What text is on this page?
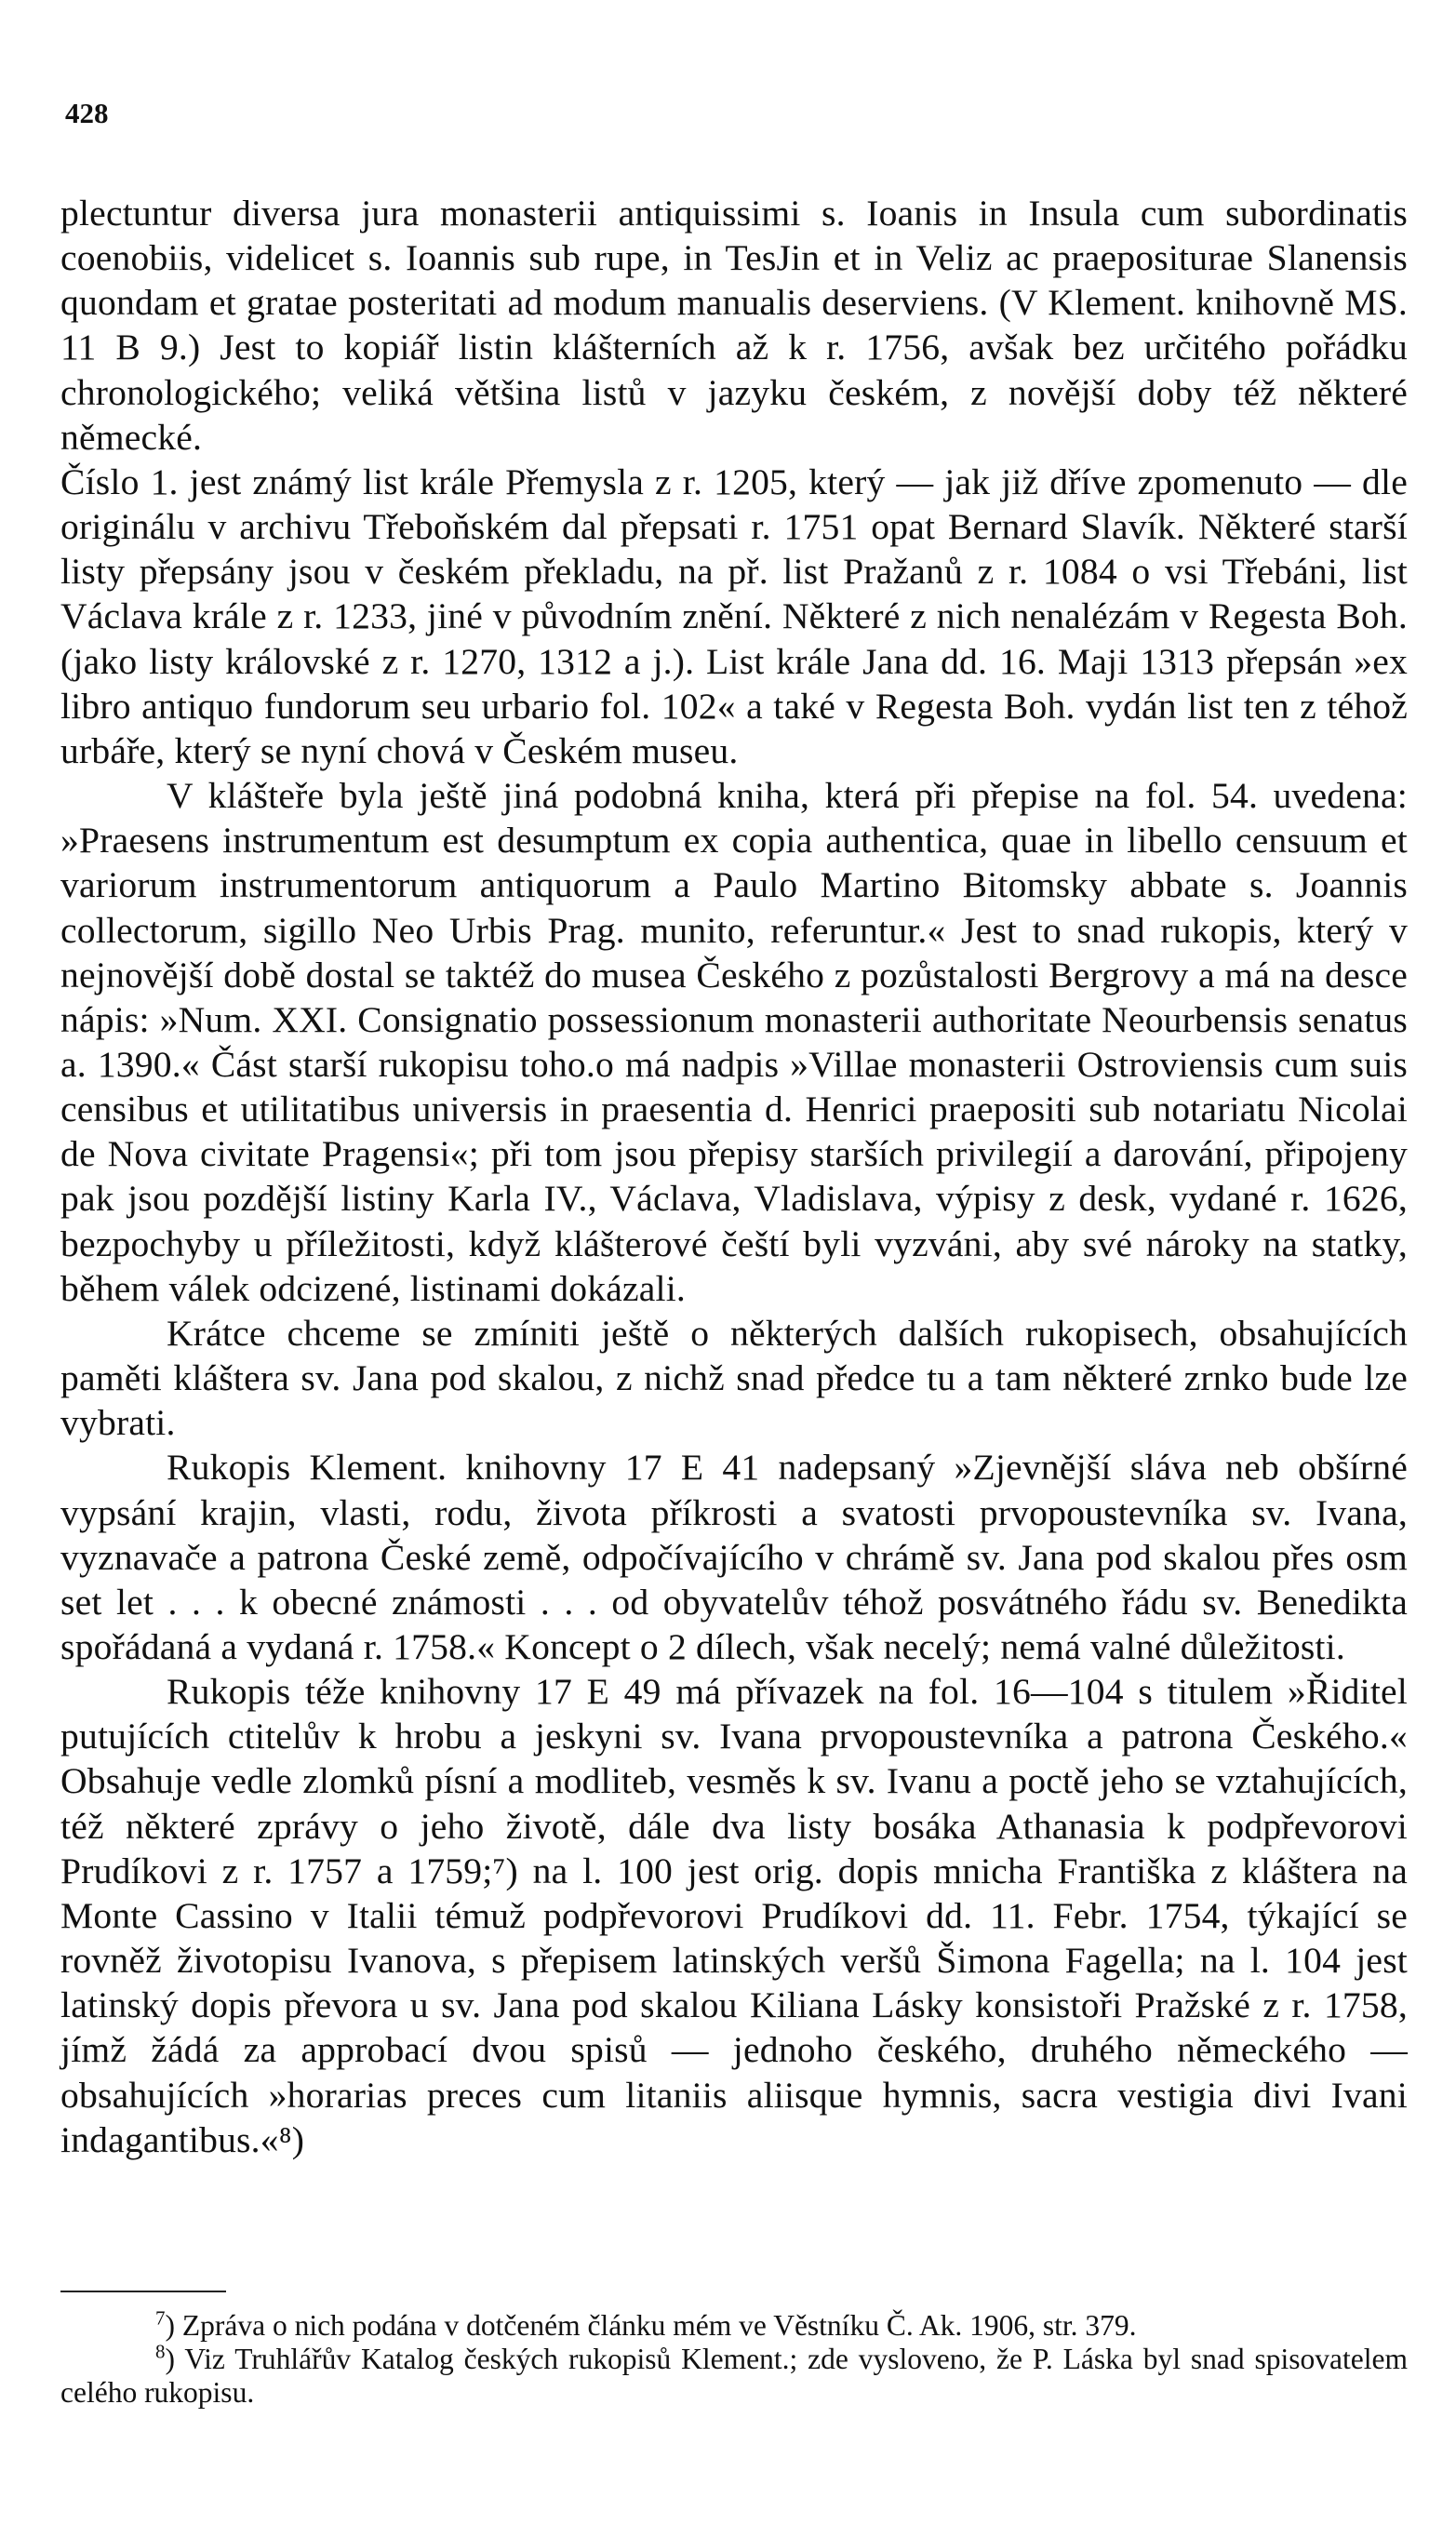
428

plectuntur diversa jura monasterii antiquissimi s. Ioanis in Insula cum subordinatis coenobiis, videlicet s. Ioannis sub rupe, in TesJin et in Veliz ac praeposituraе Slanensis quondam et gratae posteritati ad modum manualis deserviens. (V Klement. knihovně MS. 11 B 9.) Jest to kopiář listin klášterních až k r. 1756, avšak bez určitého pořádku chronologického; veliká většina listů v jazyku českém, z novější doby též některé německé.

Číslo 1. jest známý list krále Přemysla z r. 1205, který — jak již dříve zpomenuto — dle originálu v archivu Třeboňském dal přepsati r. 1751 opat Bernard Slavík. Některé starší listy přepsány jsou v českém překladu, na př. list Pražanů z r. 1084 o vsi Třebáni, list Václava krále z r. 1233, jiné v původním znění. Některé z nich nenalézám v Regesta Boh. (jako listy královské z r. 1270, 1312 a j.). List krále Jana dd. 16. Maji 1313 přepsán »ex libro antiquo fundorum seu urbario fol. 102« a také v Regesta Boh. vydán list ten z téhož urbáře, který se nyní chová v Českém museu.

V klášteře byla ještě jiná podobná kniha, která při přepise na fol. 54. uvedena: »Praesens instrumentum est desumptum ex copia authentica, quae in libello censuum et variorum instrumentorum antiquorum a Paulo Martino Bitomsky abbate s. Joannis collectorum, sigillo Neo Urbis Prag. munito, referuntur.« Jest to snad rukopis, který v nejnovější době dostal se taktéž do musea Českého z pozůstalosti Bergrovy a má na desce nápis: »Num. XXI. Consignatio possessionum monasterii authoritate Neourbensis senatus a. 1390.« Část starší rukopisu toho.o má nadpis »Villae monasterii Ostroviensis cum suis censibus et utilitatibus universis in praesentia d. Henrici praepositi sub notariatu Nicolai de Nova civitate Pragensi«; při tom jsou přepisy starších privilegií a darování, připojeny pak jsou pozdější listiny Karla IV., Václava, Vladislava, výpisy z desk, vydané r. 1626, bezpochyby u příležitosti, když klášterové čeští byli vyzváni, aby své nároky na statky, během válek odcizené, listinami dokázali.

Krátce chceme se zmíniti ještě o některých dalších rukopisech, obsahujících paměti kláštera sv. Jana pod skalou, z nichž snad předce tu a tam některé zrnko bude lze vybrati.

Rukopis Klement. knihovny 17 E 41 nadepsaný »Zjevnější sláva neb obšírné vypsání krajin, vlasti, rodu, života příkrosti a svatosti prvopoustevníka sv. Ivana, vyznavače a patrona České země, odpočívajícího v chrámě sv. Jana pod skalou přes osm set let . . . k obecné známosti . . . od obyvatelův téhož posvátného řádu sv. Benedikta spořádaná a vydaná r. 1758.« Koncept o 2 dílech, však necelý; nemá valné důležitosti.

Rukopis téže knihovny 17 E 49 má přívazek na fol. 16—104 s titulem »Řiditel putujících ctitelův k hrobu a jeskyni sv. Ivana prvopoustevníka a patrona Českého.« Obsahuje vedle zlomků písní a modliteb, vesměs k sv. Ivanu a poctě jeho se vztahujících, též některé zprávy o jeho životě, dále dva listy bosáka Athanasia k podpřevorovi Prudíkovi z r. 1757 a 1759;⁷) na l. 100 jest orig. dopis mnicha Františka z kláštera na Monte Cassino v Italii témuž podpřevorovi Prudíkovi dd. 11. Febr. 1754, týkající se rovněž životopisu Ivanova, s přepisem latinských veršů Šimona Fagella; na l. 104 jest latinský dopis převora u sv. Jana pod skalou Kiliana Lásky konsistoři Pražské z r. 1758, jímž žádá za approbací dvou spisů — jednoho českého, druhého německého — obsahujících »horarias preces cum litaniis aliisque hymnis, sacra vestigia divi Ivani indagantibus.«⁸)

$^7$) Zpráva o nich podána v dotčeném článku mém ve Věstníku Č. Ak. 1906, str. 379.

$^8$) Viz Truhlářův Katalog českých rukopisů Klement.; zde vysloveno, že P. Láska byl snad spisovatelem celého rukopisu.
